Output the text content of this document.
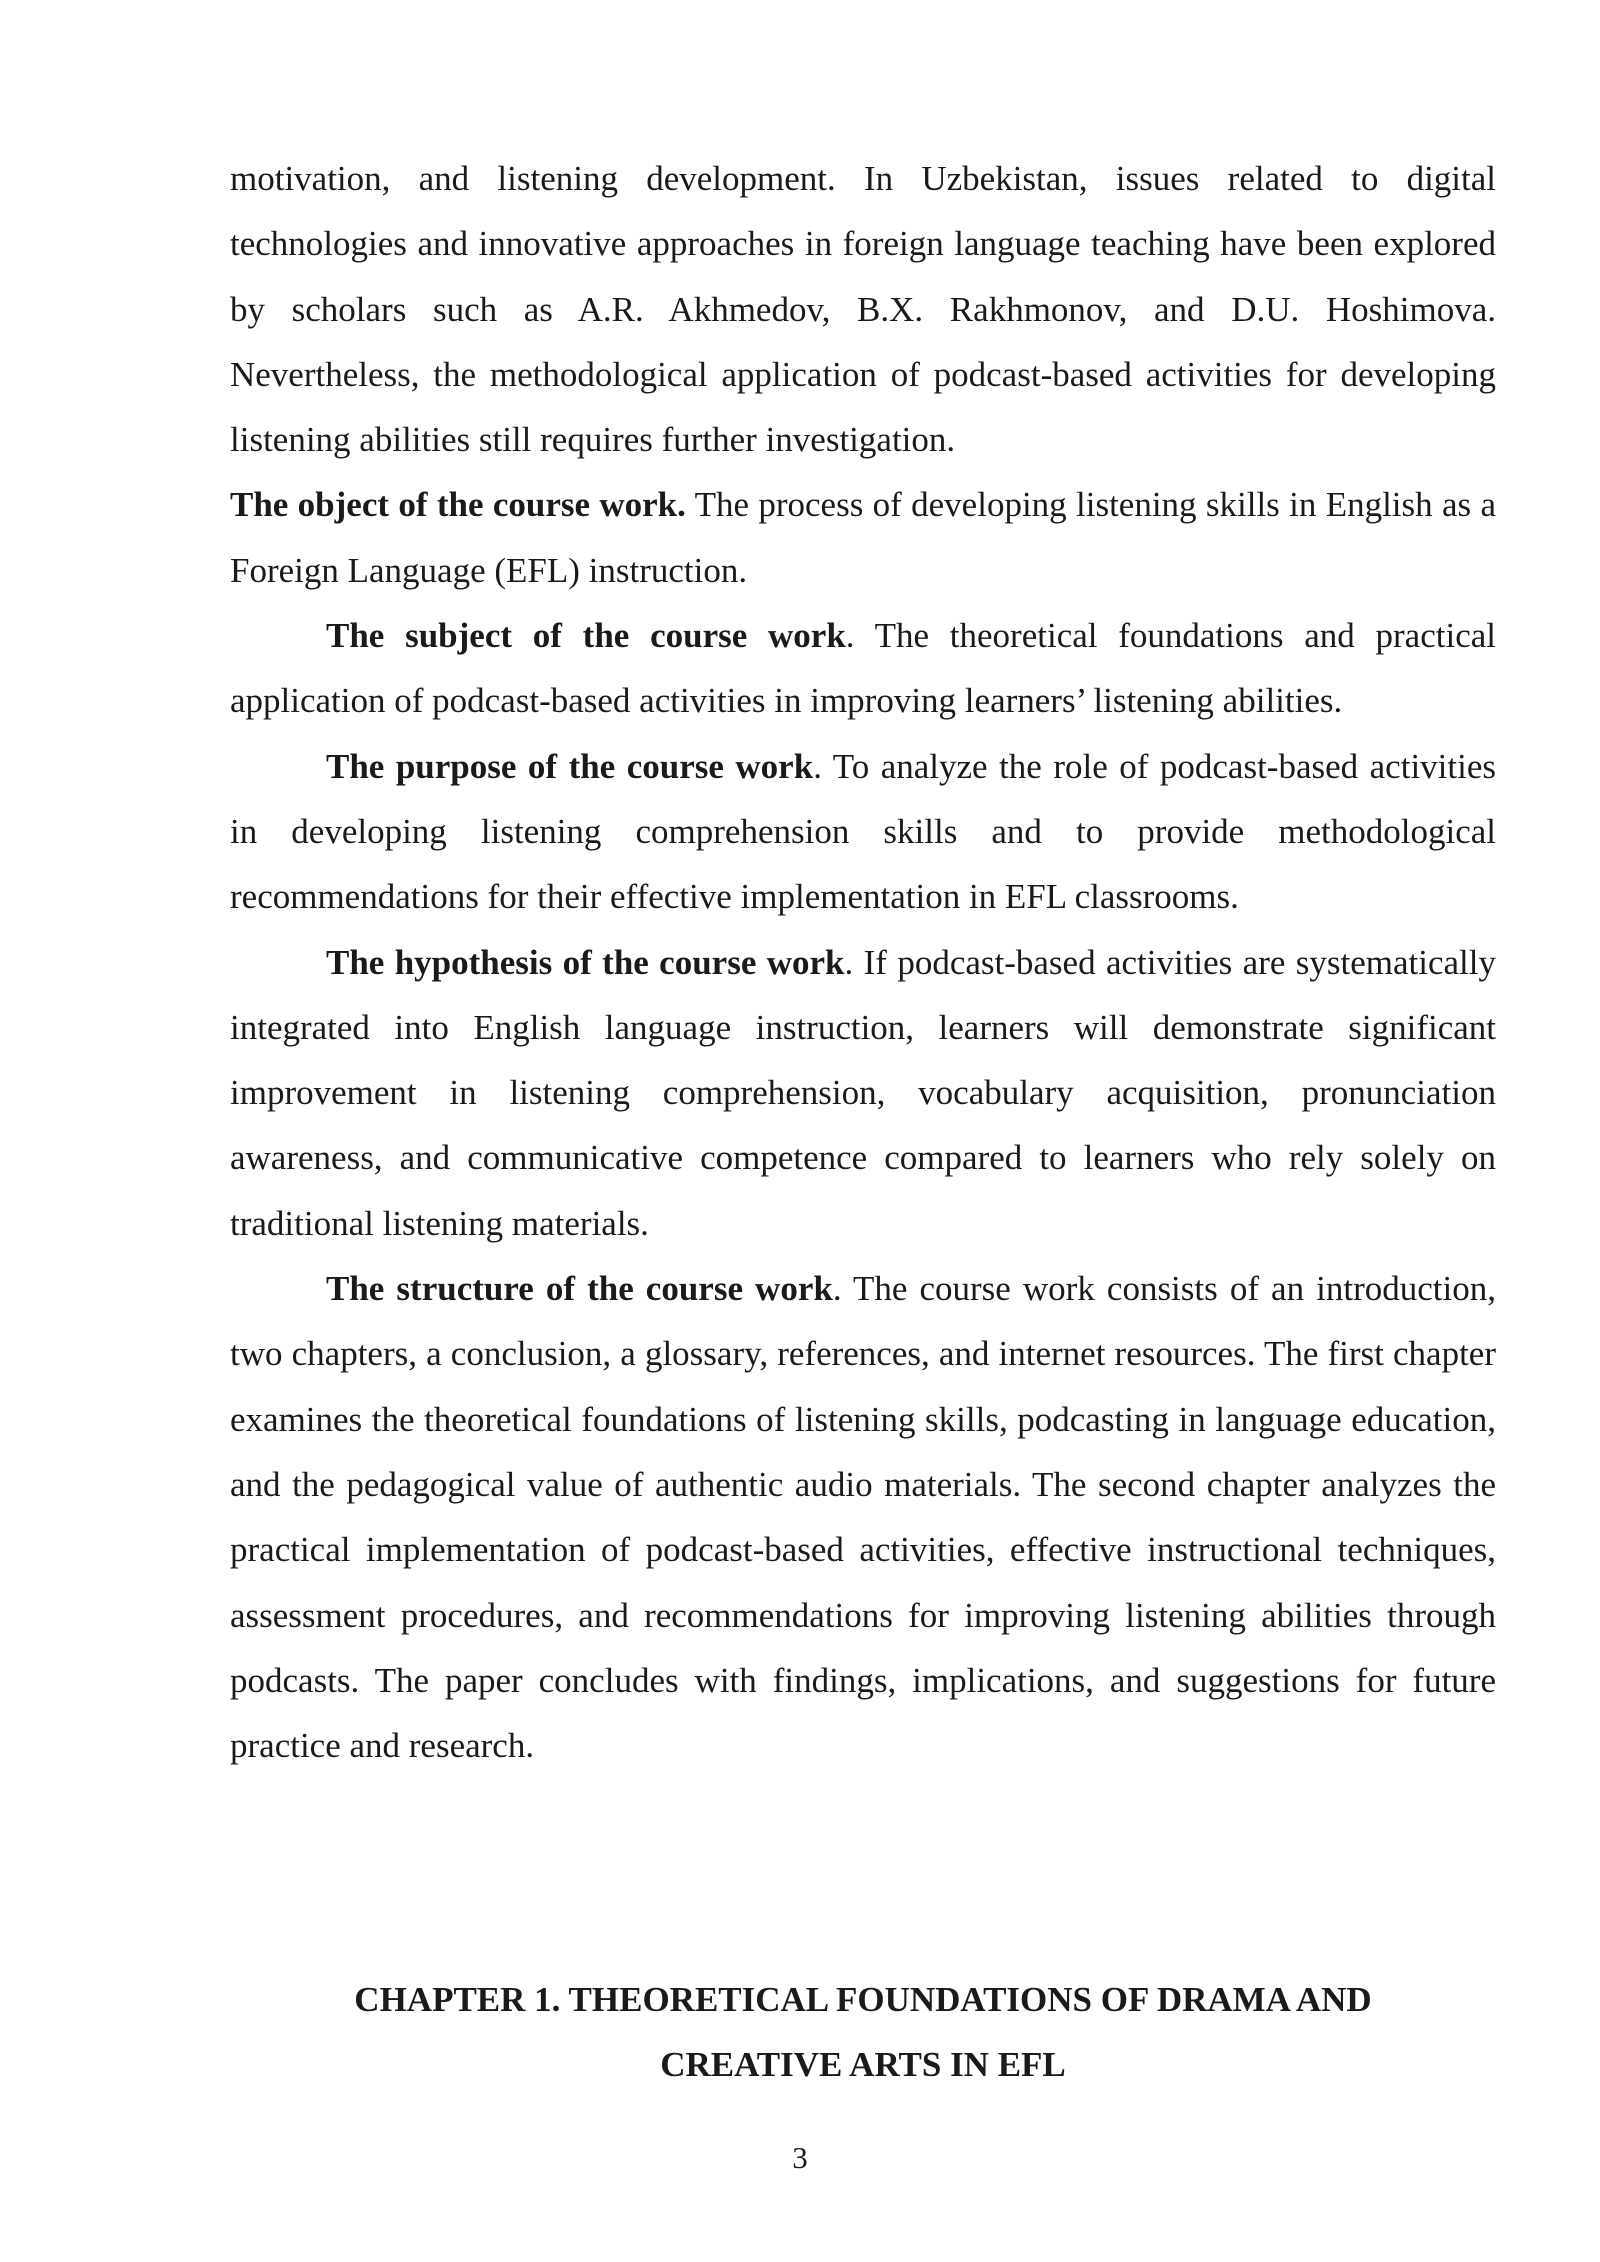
motivation, and listening development. In Uzbekistan, issues related to digital technologies and innovative approaches in foreign language teaching have been explored by scholars such as A.R. Akhmedov, B.X. Rakhmonov, and D.U. Hoshimova. Nevertheless, the methodological application of podcast-based activities for developing listening abilities still requires further investigation.

The object of the course work. The process of developing listening skills in English as a Foreign Language (EFL) instruction.

The subject of the course work. The theoretical foundations and practical application of podcast-based activities in improving learners’ listening abilities.

The purpose of the course work. To analyze the role of podcast-based activities in developing listening comprehension skills and to provide methodological recommendations for their effective implementation in EFL classrooms.

The hypothesis of the course work. If podcast-based activities are systematically integrated into English language instruction, learners will demonstrate significant improvement in listening comprehension, vocabulary acquisition, pronunciation awareness, and communicative competence compared to learners who rely solely on traditional listening materials.

The structure of the course work. The course work consists of an introduction, two chapters, a conclusion, a glossary, references, and internet resources. The first chapter examines the theoretical foundations of listening skills, podcasting in language education, and the pedagogical value of authentic audio materials. The second chapter analyzes the practical implementation of podcast-based activities, effective instructional techniques, assessment procedures, and recommendations for improving listening abilities through podcasts. The paper concludes with findings, implications, and suggestions for future practice and research.

CHAPTER 1. THEORETICAL FOUNDATIONS OF DRAMA AND
CREATIVE ARTS IN EFL
3
